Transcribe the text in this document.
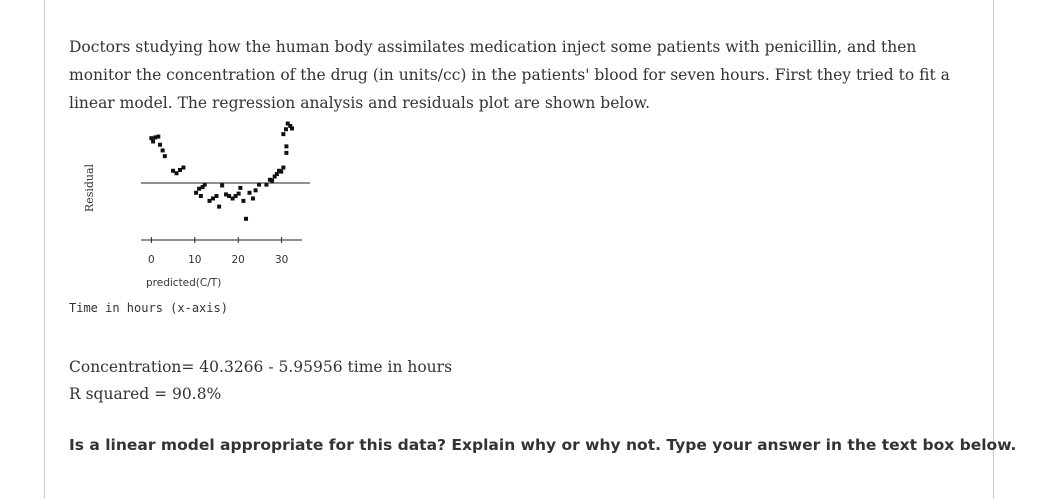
Doctors studying how the human body assimilates medication inject some patients with penicillin, and then monitor the concentration of the drug (in units/cc) in the patients' blood for seven hours. First they tried to fit a linear model. The regression analysis and residuals plot are shown below.

Residual
0	10	20	30
predicted(C/T)
Time in hours (x-axis)
Concentration= 40.3266 - 5.95956 time in hours
R squared = 90.8%
Is a linear model appropriate for this data? Explain why or why not. Type your answer in the text box below.
